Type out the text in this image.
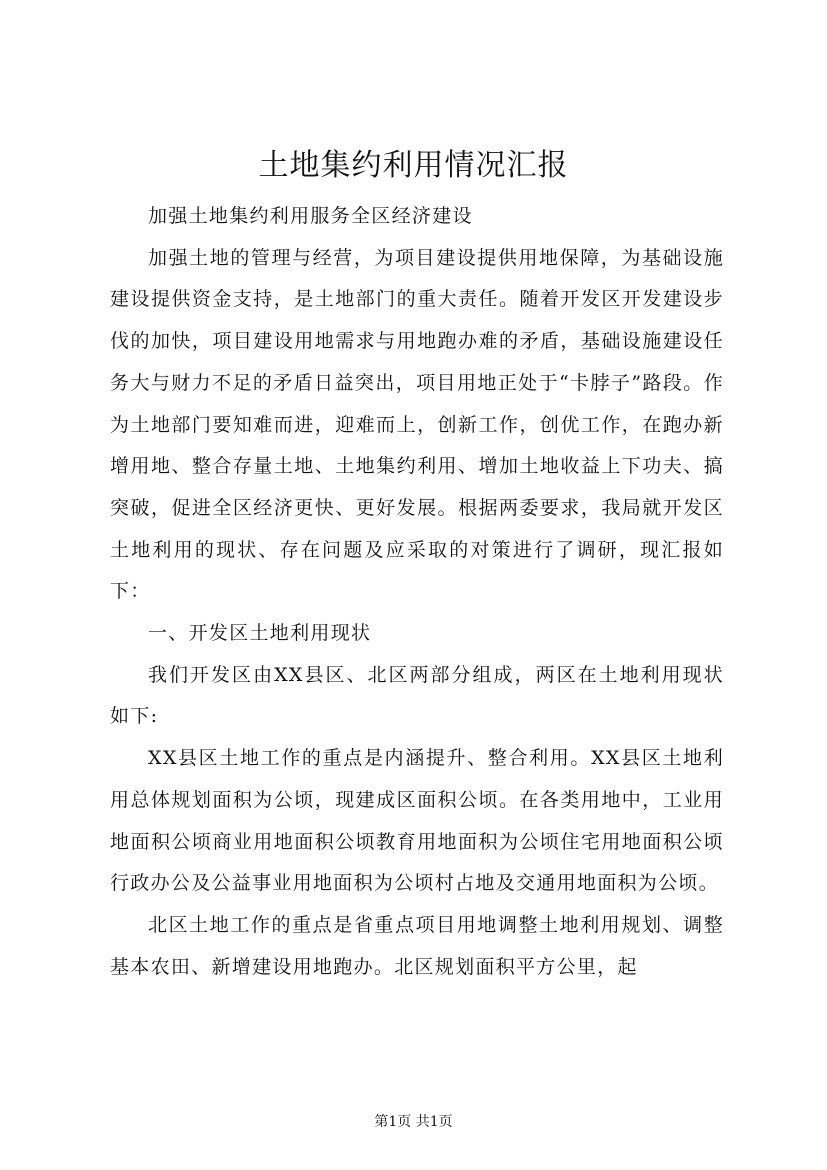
土地集约利用情况汇报

加强土地集约利用服务全区经济建设

加强土地的管理与经营，为项目建设提供用地保障，为基础设施建设提供资金支持，是土地部门的重大责任。随着开发区开发建设步伐的加快，项目建设用地需求与用地跑办难的矛盾，基础设施建设任务大与财力不足的矛盾日益突出，项目用地正处于“卡脖子”路段。作为土地部门要知难而进，迎难而上，创新工作，创优工作，在跑办新增用地、整合存量土地、土地集约利用、增加土地收益上下功夫、搞突破，促进全区经济更快、更好发展。根据两委要求，我局就开发区土地利用的现状、存在问题及应采取的对策进行了调研，现汇报如下：

一、开发区土地利用现状

我们开发区由XX县区、北区两部分组成，两区在土地利用现状如下:

XX县区土地工作的重点是内涵提升、整合利用。XX县区土地利用总体规划面积为公顷，现建成区面积公顷。在各类用地中，工业用地面积公顷商业用地面积公顷教育用地面积为公顷住宅用地面积公顷行政办公及公益事业用地面积为公顷村占地及交通用地面积为公顷。

北区土地工作的重点是省重点项目用地调整土地利用规划、调整基本农田、新增建设用地跑办。北区规划面积平方公里，起

第1页 共1页
